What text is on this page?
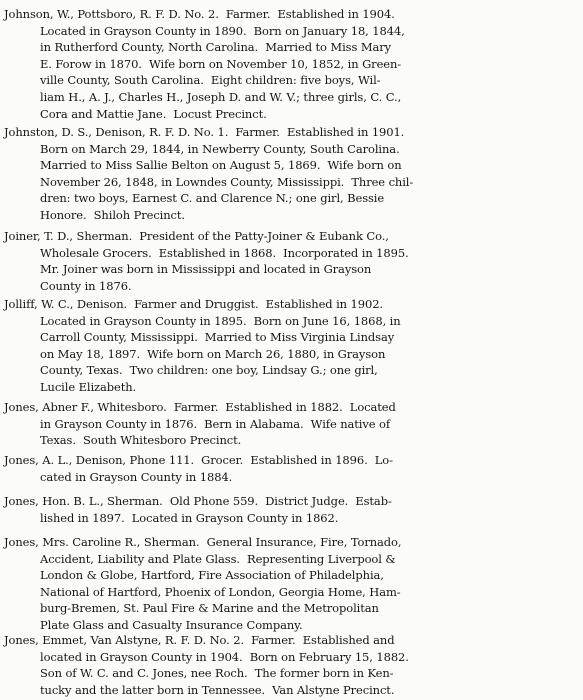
Johnson, W., Pottsboro, R. F. D. No. 2.  Farmer.  Established in 1904.
Located in Grayson County in 1890.  Born on January 18, 1844,
in Rutherford County, North Carolina.  Married to Miss Mary
E. Forow in 1870.  Wife born on November 10, 1852, in Green-
ville County, South Carolina.  Eight children: five boys, Wil-
liam H., A. J., Charles H., Joseph D. and W. V.; three girls, C. C.,
Cora and Mattie Jane.  Locust Precinct.

Johnston, D. S., Denison, R. F. D. No. 1.  Farmer.  Established in 1901.
Born on March 29, 1844, in Newberry County, South Carolina.
Married to Miss Sallie Belton on August 5, 1869.  Wife born on
November 26, 1848, in Lowndes County, Mississippi.  Three chil-
dren: two boys, Earnest C. and Clarence N.; one girl, Bessie
Honore.  Shiloh Precinct.

Joiner, T. D., Sherman.  President of the Patty-Joiner & Eubank Co.,
Wholesale Grocers.  Established in 1868.  Incorporated in 1895.
Mr. Joiner was born in Mississippi and located in Grayson
County in 1876.

Jolliff, W. C., Denison.  Farmer and Druggist.  Established in 1902.
Located in Grayson County in 1895.  Born on June 16, 1868, in
Carroll County, Mississippi.  Married to Miss Virginia Lindsay
on May 18, 1897.  Wife born on March 26, 1880, in Grayson
County, Texas.  Two children: one boy, Lindsay G.; one girl,
Lucile Elizabeth.

Jones, Abner F., Whitesboro.  Farmer.  Established in 1882.  Located
in Grayson County in 1876.  Bern in Alabama.  Wife native of
Texas.  South Whitesboro Precinct.

Jones, A. L., Denison, Phone 111.  Grocer.  Established in 1896.  Lo-
cated in Grayson County in 1884.

Jones, Hon. B. L., Sherman.  Old Phone 559.  District Judge.  Estab-
lished in 1897.  Located in Grayson County in 1862.

Jones, Mrs. Caroline R., Sherman.  General Insurance, Fire, Tornado,
Accident, Liability and Plate Glass.  Representing Liverpool &
London & Globe, Hartford, Fire Association of Philadelphia,
National of Hartford, Phoenix of London, Georgia Home, Ham-
burg-Bremen, St. Paul Fire & Marine and the Metropolitan
Plate Glass and Casualty Insurance Company.

Jones, Emmet, Van Alstyne, R. F. D. No. 2.  Farmer.  Established and
located in Grayson County in 1904.  Born on February 15, 1882.
Son of W. C. and C. Jones, nee Roch.  The former born in Ken-
tucky and the latter born in Tennessee.  Van Alstyne Precinct.
